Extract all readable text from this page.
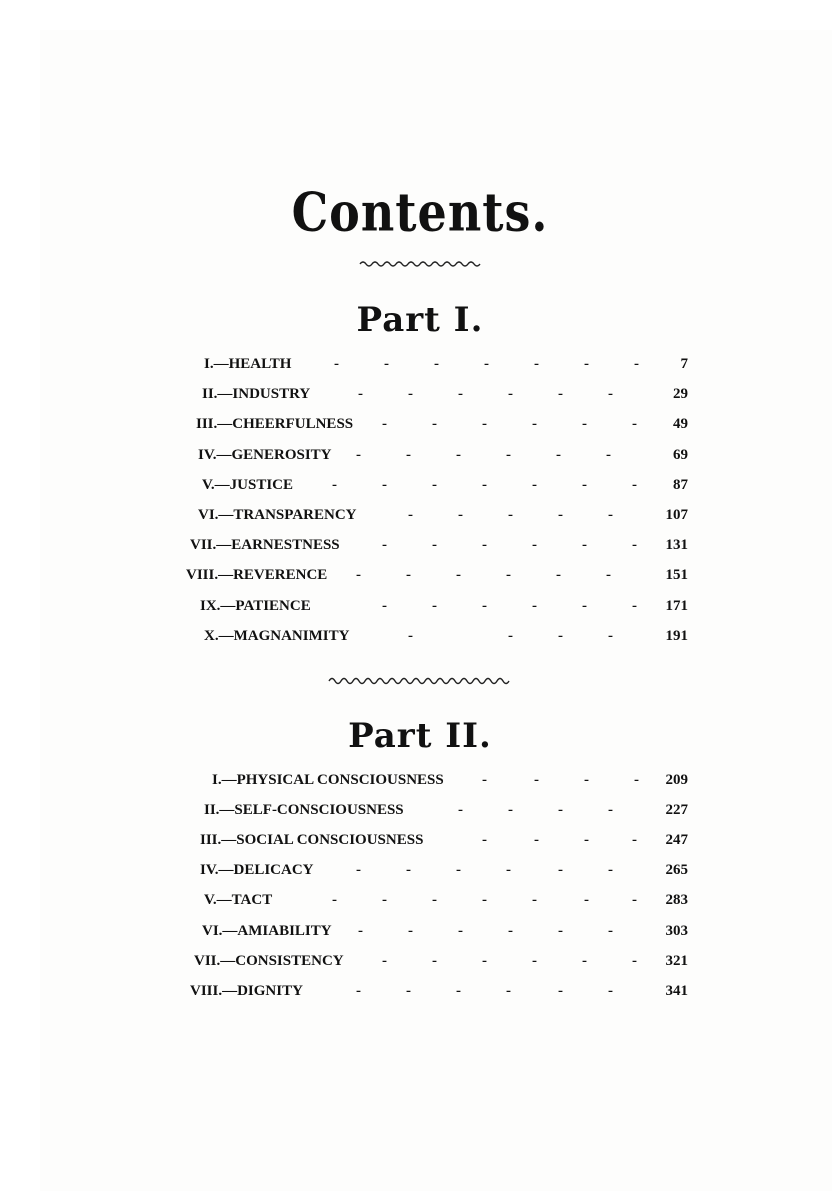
Contents.
Part I.
I.—HEALTH	-	-	-	-	-	-	-	7
II.—INDUSTRY	-	-	-	-	-	-	29
III.—CHEERFULNESS -	-	-	-	-	- 49
IV.—GENEROSITY -	-	-	-	-	-	69
V.—JUSTICE	-	-	-	-	-	-	- 87
VI.—TRANSPARENCY	-	-	-	-	-	107
VII.—EARNESTNESS	-	-	-	-	-	- 131
VIII.—REVERENCE -	-	-	-	-	-	151
IX.—PATIENCE	-	-	-	-	-	- 171
X.—MAGNANIMITY	-	-	-	-	191
Part II.
I.—PHYSICAL CONSCIOUSNESS	-	-	-	- 209
II.—SELF-CONSCIOUSNESS	-	-	-	-	227
III.—SOCIAL CONSCIOUSNESS	-	-	-	- 247
IV.—DELICACY	-	-	-	-	-	-	265
V.—TACT	-	-	-	-	-	-	- 283
VI.—AMIABILITY -	-	-	-	-	-	303
VII.—CONSISTENCY	-	-	-	-	-	- 321
VIII.—DIGNITY	-	-	-	-	-	-	341
